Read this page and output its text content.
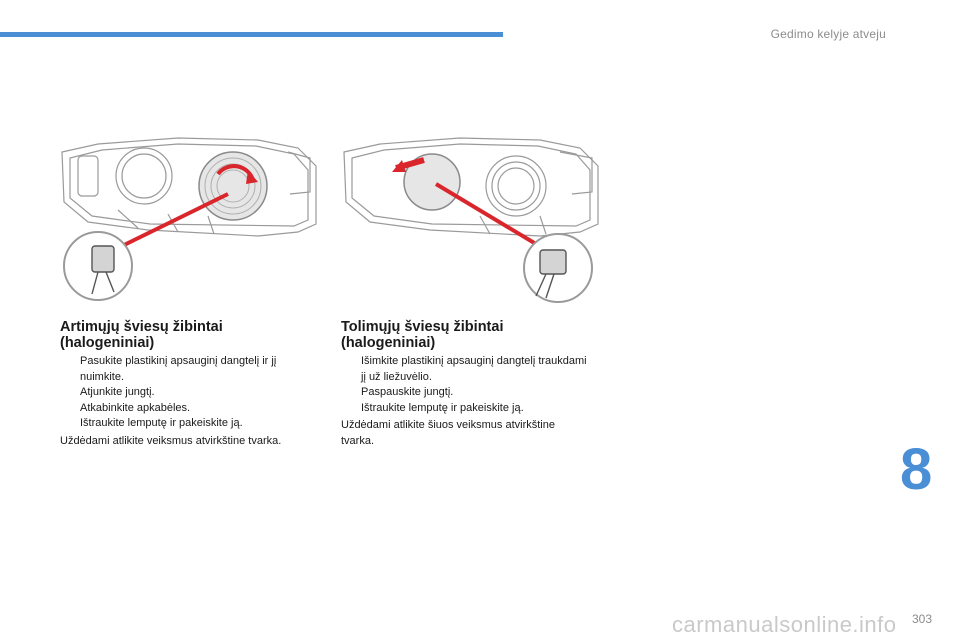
Gedimo kelyje atveju
Artimųjų šviesų žibintai (halogeniniai)
Pasukite plastikinį apsauginį dangtelį ir jį nuimkite.
Atjunkite jungtį.
Atkabinkite apkabėles.
Ištraukite lemputę ir pakeiskite ją.
Uždėdami atlikite veiksmus atvirkštine tvarka.
Tolimųjų šviesų žibintai (halogeniniai)
Išimkite plastikinį apsauginį dangtelį traukdami jį už liežuvėlio.
Paspauskite jungtį.
Ištraukite lemputę ir pakeiskite ją.
Uždėdami atlikite šiuos veiksmus atvirkštine tvarka.	8
carmanualsonline.info 303
